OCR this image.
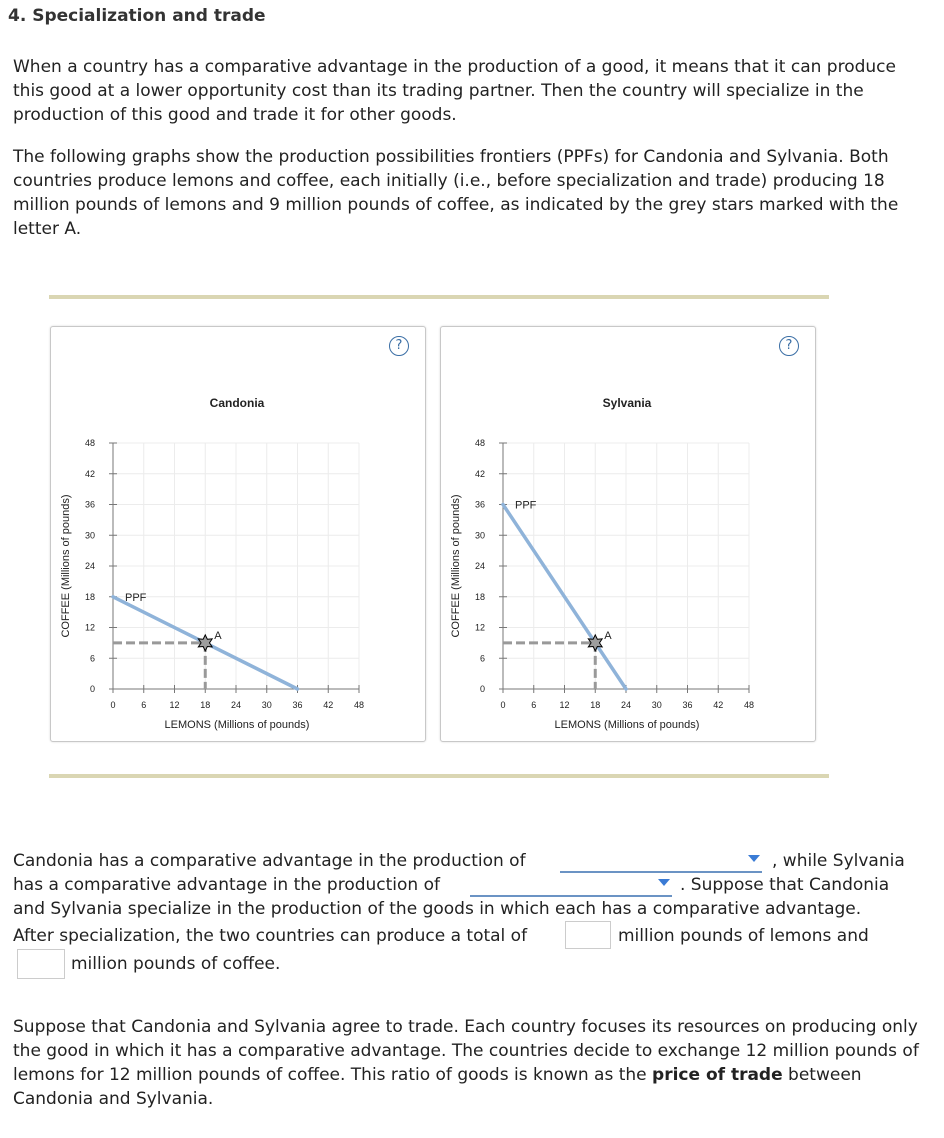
4. Specialization and trade

When a country has a comparative advantage in the production of a good, it means that it can produce this good at a lower opportunity cost than its trading partner. Then the country will specialize in the production of this good and trade it for other goods.

The following graphs show the production possibilities frontiers (PPFs) for Candonia and Sylvania. Both countries produce lemons and coffee, each initially (i.e., before specialization and trade) producing 18 million pounds of lemons and 9 million pounds of coffee, as indicated by the grey stars marked with the letter A.

?
0	6	12 18 24 30 36 42 48
0
6
12
18
24
30
36
42
48
Candonia
LEMONS (Millions of pounds)
COFFEE (Millions of pounds)	PPF
A
?
0	6	12 18 24 30 36 42 48
0
6
12
18
24
30
36
42
48
Sylvania
LEMONS (Millions of pounds)
COFFEE (Millions of pounds)	PPF
A
Candonia has a comparative advantage in the production of	, while Sylvania
has a comparative advantage in the production of	. Suppose that Candonia
and Sylvania specialize in the production of the goods in which each has a comparative advantage.
After specialization, the two countries can produce a total of	million pounds of lemons and
million pounds of coffee.

Suppose that Candonia and Sylvania agree to trade. Each country focuses its resources on producing only the good in which it has a comparative advantage. The countries decide to exchange 12 million pounds of lemons for 12 million pounds of coffee. This ratio of goods is known as the price of trade between Candonia and Sylvania.
